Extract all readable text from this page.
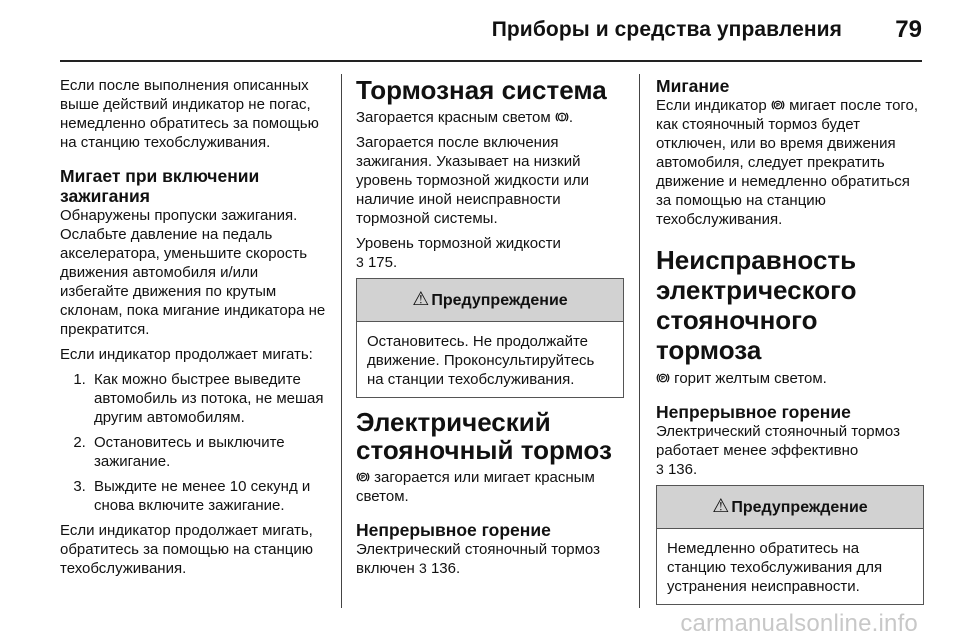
Приборы и средства управления 79

Если после выполнения описанных выше действий индикатор не погас, немедленно обратитесь за помощью на станцию техобслуживания.

Мигает при включении зажигания

Обнаружены пропуски зажигания. Ослабьте давление на педаль акселератора, уменьшите скорость движения автомобиля и/или избегайте движения по крутым склонам, пока мигание индикатора не прекратится.

Если индикатор продолжает мигать:

1. Как можно быстрее выведите автомобиль из потока, не мешая другим автомобилям.
2. Остановитесь и выключите зажигание.
3. Выждите не менее 10 секунд и снова включите зажигание.

Если индикатор продолжает мигать, обратитесь за помощью на станцию техобслуживания.

Тормозная система

Загорается красным светом .

Загорается после включения зажигания. Указывает на низкий уровень тормозной жидкости или наличие иной неисправности тормозной системы.

Уровень тормозной жидкости
3 175.

⚠ Предупреждение
Остановитесь. Не продолжайте движение. Проконсультируйтесь на станции техобслуживания.
Электрический стояночный тормоз

P загорается или мигает красным светом.

Непрерывное горение

Электрический стояночный тормоз включен 3 136.

Мигание

Если индикатор P мигает после того, как стояночный тормоз будет отключен, или во время движения автомобиля, следует прекратить движение и немедленно обратиться за помощью на станцию техобслуживания.

Неисправность электрического стояночного тормоза

P горит желтым светом.

Непрерывное горение

Электрический стояночный тормоз работает менее эффективно
3 136.

⚠ Предупреждение
Немедленно обратитесь на станцию техобслуживания для устранения неисправности.
carmanualsonline.info
